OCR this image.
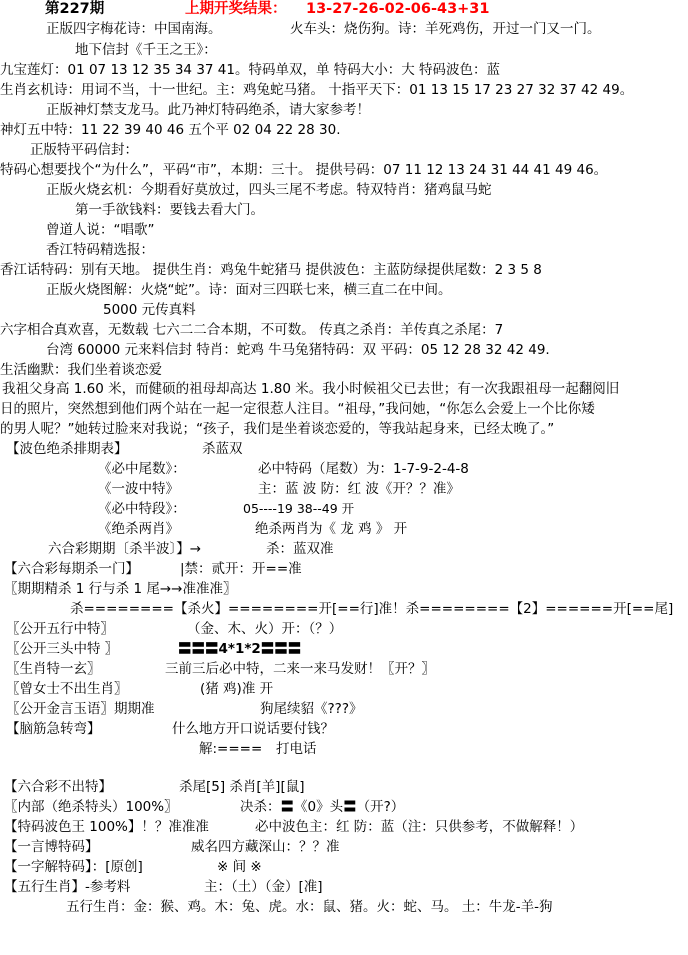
第227期	上期开奖结果： 13-27-26-02-06-43+31
正版四字梅花诗：中国南海。	火车头：烧伤狗。诗：羊死鸡伤，开过一门又一门。
地下信封《千王之王》：
九宝莲灯：01 07 13 12 35 34 37 41。特码单双，单 特码大小：大 特码波色：蓝
生肖玄机诗：用词不当，十一世纪。主：鸡兔蛇马猪。 十指平天下：01 13 15 17 23 27 32 37 42 49。
正版神灯禁支龙马。此乃神灯特码绝杀，请大家参考！
神灯五中特：11 22 39 40 46 五个平 02 04 22 28 30.
正版特平码信封：
特码心想要找个“为什么”，平码“市”，本期：三十。 提供号码：07 11 12 13 24 31 44 41 49 46。
正版火烧玄机：今期看好莫放过，四头三尾不考虑。特双特肖：猪鸡鼠马蛇
第一手欲钱料：要钱去看大门。
曾道人说：“唱歌”
香江特码精选报：
香江话特码：别有天地。 提供生肖：鸡兔牛蛇猪马 提供波色：主蓝防绿提供尾数：2 3 5 8
正版火烧图解：火烧“蛇”。诗：面对三四联七来，横三直二在中间。
5000 元传真料
六字相合真欢喜，无数载 七六二二合本期，不可数。 传真之杀肖：羊传真之杀尾：7
台湾 60000 元来料信封 特肖：蛇鸡 牛马兔猪特码：双 平码：05 12 28 32 42 49.
生活幽默：我们坐着谈恋爱
我祖父身高 1.60 米，而健硕的祖母却高达 1.80 米。我小时候祖父已去世；有一次我跟祖母一起翻阅旧
日的照片，突然想到他们两个站在一起一定很惹人注目。“祖母，”我问她，“你怎么会爱上一个比你矮
的男人呢？”她转过脸来对我说；“孩子，我们是坐着谈恋爱的，等我站起身来，已经太晚了。”
【波色绝杀排期表】	杀蓝双
《必中尾数》：	必中特码（尾数）为：1-7-9-2-4-8
《一波中特》	主：蓝 波 防：红 波《开？？准》
《必中特段》：	05----19 38--49 开
《绝杀两肖》	绝杀两肖为《 龙 鸡 》 开
六合彩期期〔杀半波〕】→	杀：蓝双准
【六合彩每期杀一门】	|禁：贰开：开==准
〖期期精杀 1 行与杀 1 尾→→准准准〗
杀========【杀火】========开[==行]准！杀========【2】======开[==尾]
〖公开五行中特〗	（金、木、火）开：（？）
〖公开三头中特 〗	〓〓〓4*1*2〓〓〓
〖生肖特一玄〗	三前三后必中特，二来一来马发财！〖开？〗
〖曾女士不出生肖〗	(猪 鸡)准 开
〖公开金言玉语〗期期准	狗尾续貂《???》
【脑筋急转弯】	什么地方开口说话要付钱？
解:==== 打电话
【六合彩不出特】	杀尾[5] 杀肖[羊][鼠]
〖内部（绝杀特头）100%〗	决杀：〓《0》头〓（开?）
【特码波色王 100%】！？准准准	必中波色主：红 防：蓝（注：只供参考，不做解释！）
【一言博特码】	威名四方藏深山：？？准
【一字解特码】：[原创]	※ 间 ※
【五行生肖】-参考料	主：（土）（金）[准]
五行生肖：金：猴、鸡。木：兔、虎。水：鼠、猪。火：蛇、马。 土：牛龙-羊-狗
